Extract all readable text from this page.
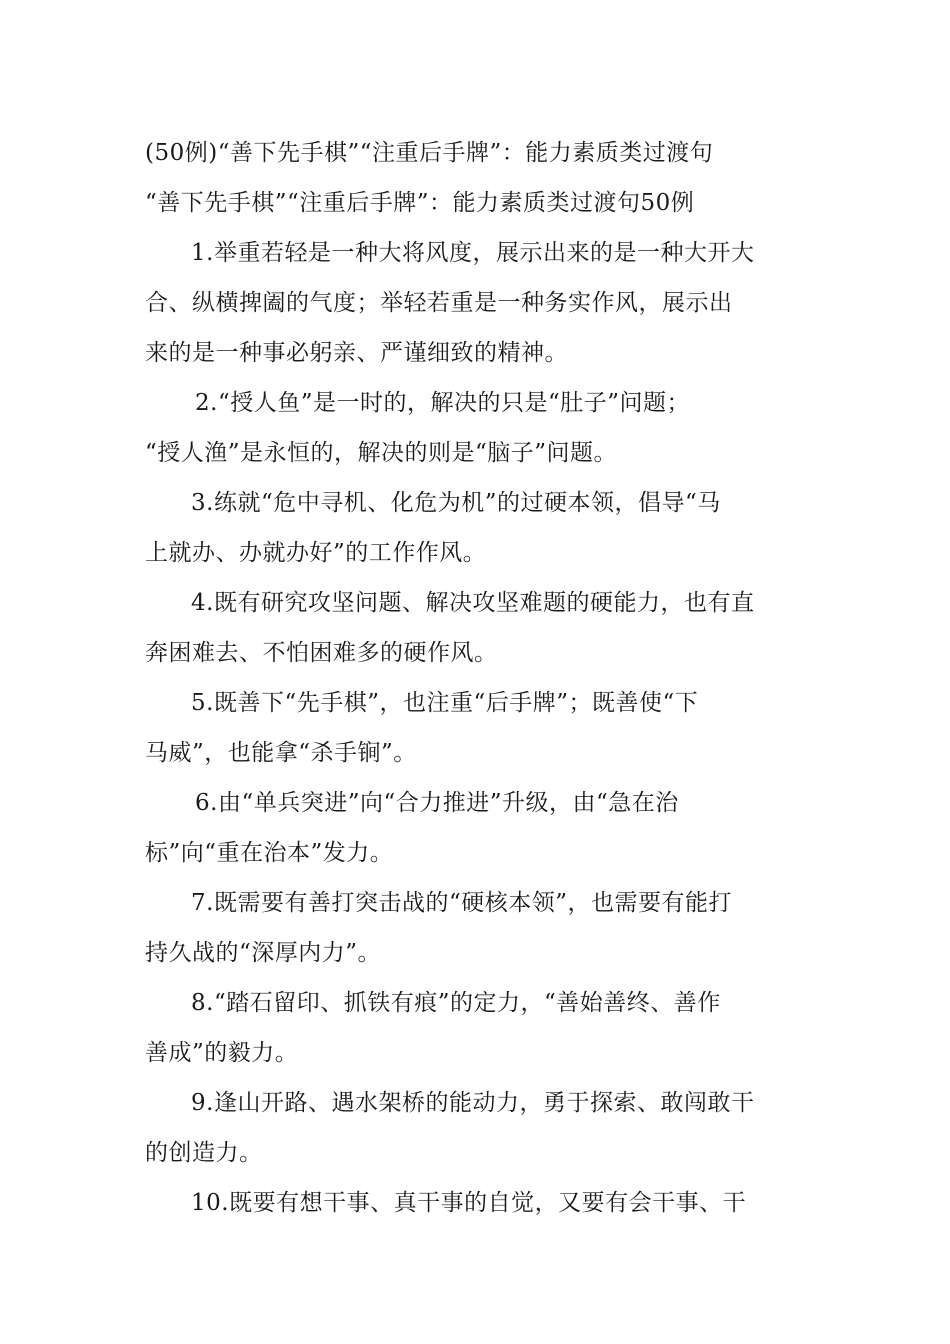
(50例)“善下先手棋”“注重后手牌”：能力素质类过渡句
“善下先手棋”“注重后手牌”：能力素质类过渡句50例
1.举重若轻是一种大将风度，展示出来的是一种大开大
合、纵横捭阖的气度；举轻若重是一种务实作风，展示出
来的是一种事必躬亲、严谨细致的精神。
2.“授人鱼”是一时的，解决的只是“肚子”问题；
“授人渔”是永恒的，解决的则是“脑子”问题。
3.练就“危中寻机、化危为机”的过硬本领，倡导“马
上就办、办就办好”的工作作风。
4.既有研究攻坚问题、解决攻坚难题的硬能力，也有直
奔困难去、不怕困难多的硬作风。
5.既善下“先手棋”，也注重“后手牌”；既善使“下
马威”，也能拿“杀手锏”。
6.由“单兵突进”向“合力推进”升级，由“急在治
标”向“重在治本”发力。
7.既需要有善打突击战的“硬核本领”，也需要有能打
持久战的“深厚内力”。
8.“踏石留印、抓铁有痕”的定力，“善始善终、善作
善成”的毅力。
9.逢山开路、遇水架桥的能动力，勇于探索、敢闯敢干
的创造力。
10.既要有想干事、真干事的自觉，又要有会干事、干
